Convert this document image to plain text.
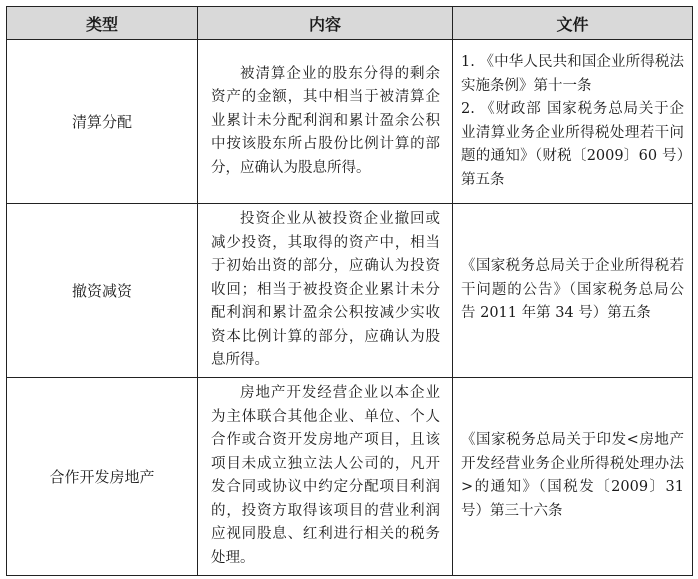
类型	内容	文件
清算分配	被清算企业的股东分得的剩余资产的金额，其中相当于被清算企业累计未分配利润和累计盈余公积中按该股东所占股份比例计算的部分，应确认为股息所得。	1. 《中华人民共和国企业所得税法实施条例》第十一条
2. 《财政部 国家税务总局关于企业清算业务企业所得税处理若干问题的通知》（财税〔2009〕60 号）第五条

撤资减资	投资企业从被投资企业撤回或减少投资，其取得的资产中，相当于初始出资的部分，应确认为投资收回；相当于被投资企业累计未分配利润和累计盈余公积按减少实收资本比例计算的部分，应确认为股息所得。	《国家税务总局关于企业所得税若干问题的公告》（国家税务总局公告 2011 年第 34 号）第五条

合作开发房地产	房地产开发经营企业以本企业为主体联合其他企业、单位、个人合作或合资开发房地产项目，且该项目未成立独立法人公司的，凡开发合同或协议中约定分配项目利润的，投资方取得该项目的营业利润应视同股息、红利进行相关的税务处理。	《国家税务总局关于印发<房地产开发经营业务企业所得税处理办法>的通知》（国税发〔2009〕31 号）第三十六条
